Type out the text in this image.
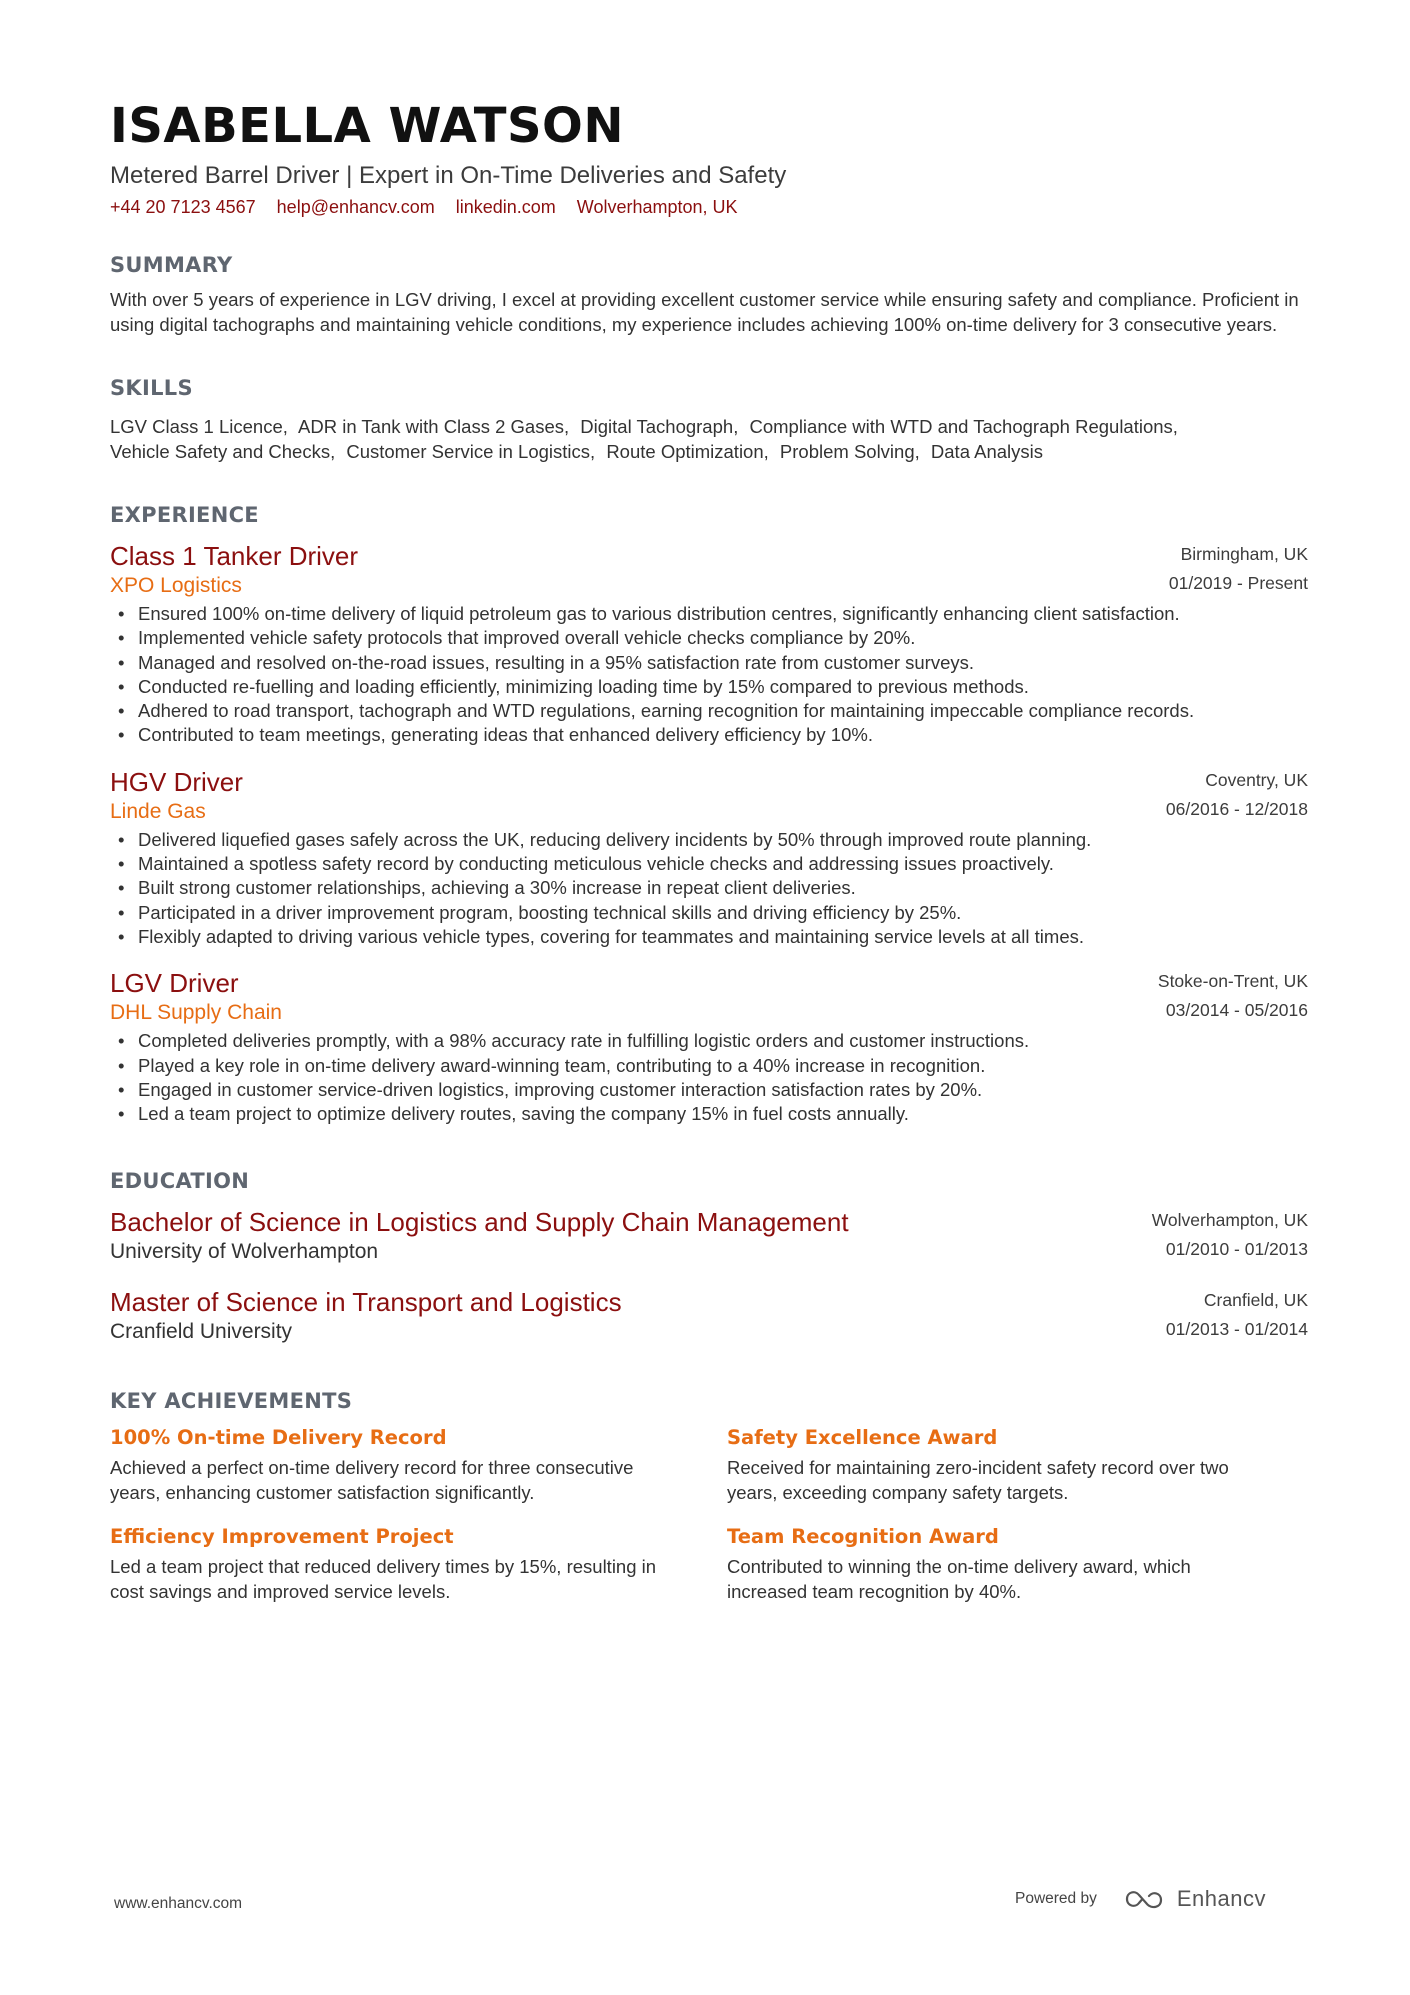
ISABELLA WATSON
Metered Barrel Driver | Expert in On-Time Deliveries and Safety
+44 20 7123 4567 help@enhancv.com linkedin.com Wolverhampton, UK
SUMMARY
With over 5 years of experience in LGV driving, I excel at providing excellent customer service while ensuring safety and compliance. Proficient in using digital tachographs and maintaining vehicle conditions, my experience includes achieving 100% on-time delivery for 3 consecutive years.
SKILLS
LGV Class 1 Licence, ADR in Tank with Class 2 Gases, Digital Tachograph, Compliance with WTD and Tachograph Regulations,
Vehicle Safety and Checks, Customer Service in Logistics, Route Optimization, Problem Solving, Data Analysis
EXPERIENCE
Class 1 Tanker Driver
XPO Logistics
Birmingham, UK
01/2019 - Present
• Ensured 100% on-time delivery of liquid petroleum gas to various distribution centres, significantly enhancing client satisfaction.
• Implemented vehicle safety protocols that improved overall vehicle checks compliance by 20%.
• Managed and resolved on-the-road issues, resulting in a 95% satisfaction rate from customer surveys.
• Conducted re-fuelling and loading efficiently, minimizing loading time by 15% compared to previous methods.
• Adhered to road transport, tachograph and WTD regulations, earning recognition for maintaining impeccable compliance records.
• Contributed to team meetings, generating ideas that enhanced delivery efficiency by 10%.
HGV Driver
Linde Gas
Coventry, UK
06/2016 - 12/2018
• Delivered liquefied gases safely across the UK, reducing delivery incidents by 50% through improved route planning.
• Maintained a spotless safety record by conducting meticulous vehicle checks and addressing issues proactively.
• Built strong customer relationships, achieving a 30% increase in repeat client deliveries.
• Participated in a driver improvement program, boosting technical skills and driving efficiency by 25%.
• Flexibly adapted to driving various vehicle types, covering for teammates and maintaining service levels at all times.
LGV Driver
DHL Supply Chain
Stoke-on-Trent, UK
03/2014 - 05/2016
• Completed deliveries promptly, with a 98% accuracy rate in fulfilling logistic orders and customer instructions.
• Played a key role in on-time delivery award-winning team, contributing to a 40% increase in recognition.
• Engaged in customer service-driven logistics, improving customer interaction satisfaction rates by 20%.
• Led a team project to optimize delivery routes, saving the company 15% in fuel costs annually.
EDUCATION
Bachelor of Science in Logistics and Supply Chain Management
University of Wolverhampton
Wolverhampton, UK
01/2010 - 01/2013
Master of Science in Transport and Logistics
Cranfield University
Cranfield, UK
01/2013 - 01/2014
KEY ACHIEVEMENTS
100% On-time Delivery Record
Achieved a perfect on-time delivery record for three consecutive years, enhancing customer satisfaction significantly.
Safety Excellence Award
Received for maintaining zero-incident safety record over two years, exceeding company safety targets.
Efficiency Improvement Project
Led a team project that reduced delivery times by 15%, resulting in cost savings and improved service levels.
Team Recognition Award
Contributed to winning the on-time delivery award, which increased team recognition by 40%.
www.enhancv.com	Powered by	Enhancv
